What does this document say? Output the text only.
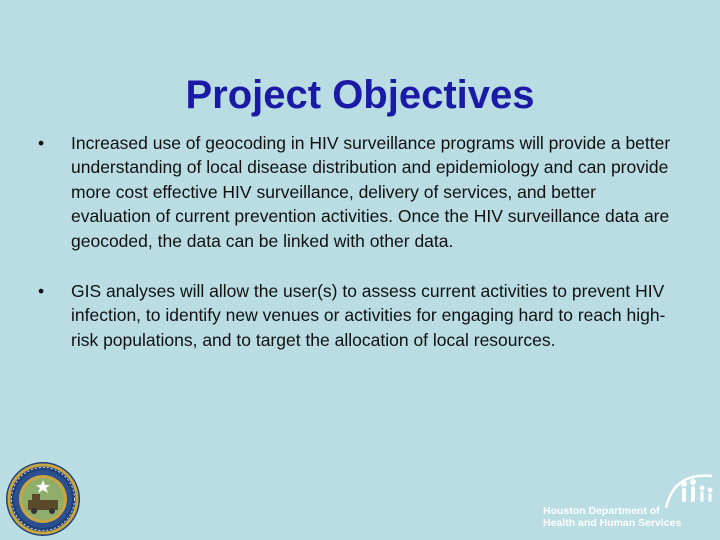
Project Objectives
•	Increased use of geocoding in HIV surveillance programs will provide a better understanding of local disease distribution and epidemiology and can provide more cost effective HIV surveillance, delivery of services, and better evaluation of current prevention activities. Once the HIV surveillance data are geocoded, the data can be linked with other data.
•	GIS analyses will allow the user(s) to assess current activities to prevent HIV infection, to identify new venues or activities for engaging hard to reach high-risk populations, and to target the allocation of local resources.
Houston Department of
Health and Human Services
